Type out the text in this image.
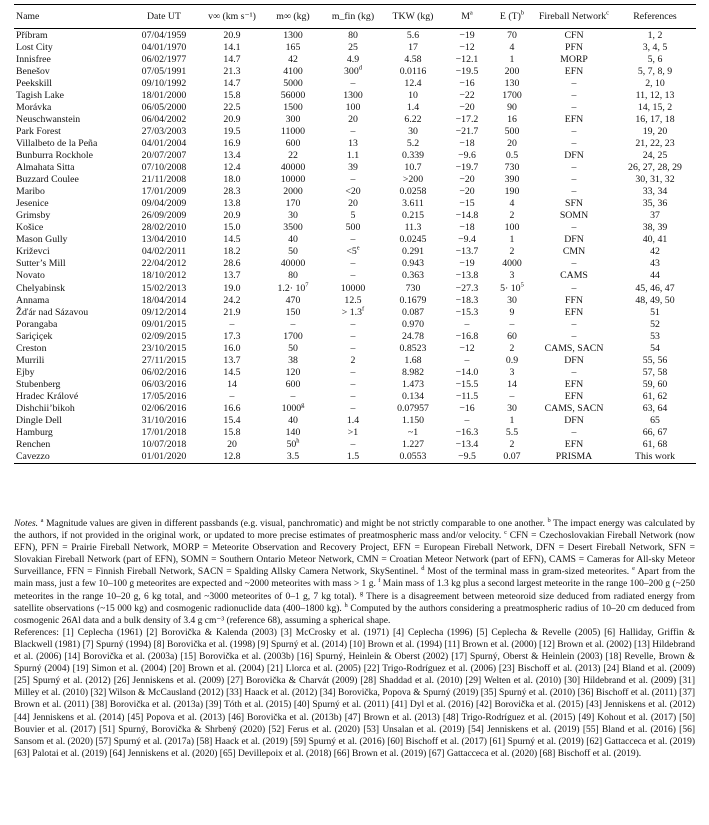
Name	Date UT	v∞ (km s⁻¹)	m∞ (kg)	m_fin (kg)	TKW (kg)	$M^a$	E $(T)^b$	Fireball Network$^c$	References
Příbram	07/04/1959	20.9	1300	80	5.6	−19	70	CFN	1, 2
Lost City	04/01/1970	14.1	165	25	17	−12	4	PFN	3, 4, 5
Innisfree	06/02/1977	14.7	42	4.9	4.58	−12.1	1	MORP	5, 6
Benešov	07/05/1991	21.3	4100	300$^d$	0.0116	−19.5	200	EFN	5, 7, 8, 9
Peekskill	09/10/1992	14.7	5000	–	12.4	−16	130	–	2, 10
Tagish Lake	18/01/2000	15.8	56000	1300	10	−22	1700	–	11, 12, 13
Morávka	06/05/2000	22.5	1500	100	1.4	−20	90	–	14, 15, 2
Neuschwanstein	06/04/2002	20.9	300	20	6.22	−17.2	16	EFN	16, 17, 18
Park Forest	27/03/2003	19.5	11000	–	30	−21.7	500	–	19, 20
Villalbeto de la Peña	04/01/2004	16.9	600	13	5.2	−18	20	–	21, 22, 23
Bunburra Rockhole	20/07/2007	13.4	22	1.1	0.339	−9.6	0.5	DFN	24, 25
Almahata Sitta	07/10/2008	12.4	40000	39	10.7	−19.7	730	–	26, 27, 28, 29
Buzzard Coulee	21/11/2008	18.0	10000	–	>200	−20	390	–	30, 31, 32
Maribo	17/01/2009	28.3	2000	<20	0.0258	−20	190	–	33, 34
Jesenice	09/04/2009	13.8	170	20	3.611	−15	4	SFN	35, 36
Grimsby	26/09/2009	20.9	30	5	0.215	−14.8	2	SOMN	37
Košice	28/02/2010	15.0	3500	500	11.3	−18	100	–	38, 39
Mason Gully	13/04/2010	14.5	40	–	0.0245	−9.4	1	DFN	40, 41
Križevci	04/02/2011	18.2	50	$<5^e$	0.291	−13.7	2	CMN	42
Sutter’s Mill	22/04/2012	28.6	40000	–	0.943	−19	4000	–	43
Novato	18/10/2012	13.7	80	–	0.363	−13.8	3	CAMS	44
Chelyabinsk	15/02/2013	19.0	$1.2\cdot 10^7$	10000	730	−27.3	$5\cdot 10^5$	–	45, 46, 47
Annama	18/04/2014	24.2	470	12.5	0.1679	−18.3	30	FFN	48, 49, 50
Žďár nad Sázavou	09/12/2014	21.9	150	> 1.3$^f$	0.087	−15.3	9	EFN	51
Porangaba	09/01/2015	–	–	–	0.970	–	–	–	52
Sariçiçek	02/09/2015	17.3	1700	–	24.78	−16.8	60	–	53
Creston	23/10/2015	16.0	50	–	0.8523	−12	2	CAMS, SACN	54
Murrili	27/11/2015	13.7	38	2	1.68	–	0.9	DFN	55, 56
Ejby	06/02/2016	14.5	120	–	8.982	−14.0	3	–	57, 58
Stubenberg	06/03/2016	14	600	–	1.473	−15.5	14	EFN	59, 60
Hradec Králové	17/05/2016	–	–	–	0.134	−11.5	–	EFN	61, 62
Dishchii’bikoh	02/06/2016	16.6	1000$^g$	–	0.07957	−16	30	CAMS, SACN	63, 64
Dingle Dell	31/10/2016	15.4	40	1.4	1.150	–	1	DFN	65
Hamburg	17/01/2018	15.8	140	>1	~1	−16.3	5.5	–	66, 67
Renchen	10/07/2018	20	50$^h$	–	1.227	−13.4	2	EFN	61, 68
Cavezzo	01/01/2020	12.8	3.5	1.5	0.0553	−9.5	0.07	PRISMA	This work

Notes. $^a$ Magnitude values are given in different passbands (e.g. visual, panchromatic) and might be not strictly comparable to one another. $^b$ The impact energy was calculated by the authors, if not provided in the original work, or updated to more precise estimates of preatmospheric mass and/or velocity. $^c$ CFN = Czechoslovakian Fireball Network (now EFN), PFN = Prairie Fireball Network, MORP = Meteorite Observation and Recovery Project, EFN = European Fireball Network, DFN = Desert Fireball Network, SFN = Slovakian Fireball Network (part of EFN), SOMN = Southern Ontario Meteor Network, CMN = Croatian Meteor Network (part of EFN), CAMS = Cameras for All-sky Meteor Surveillance, FFN = Finnish Fireball Network, SACN = Spalding Allsky Camera Network, SkySentinel. $^d$ Most of the terminal mass in gram-sized meteorites. $^e$ Apart from the main mass, just a few 10–100 g meteorites are expected and ~2000 meteorites with mass > 1 g. $^f$ Main mass of 1.3 kg plus a second largest meteorite in the range 100–200 g (~250 meteorites in the range 10–20 g, 6 kg total, and ~3000 meteorites of 0–1 g, 7 kg total). $^g$ There is a disagreement between meteoroid size deduced from radiated energy from satellite observations (~15 000 kg) and cosmogenic radionuclide data (400–1800 kg). $^h$ Computed by the authors considering a preatmospheric radius of 10–20 cm deduced from cosmogenic 26Al data and a bulk density of 3.4 g cm⁻³ (reference 68), assuming a spherical shape.

References: [1] Ceplecha (1961) [2] Borovička & Kalenda (2003) [3] McCrosky et al. (1971) [4] Ceplecha (1996) [5] Ceplecha & Revelle (2005) [6] Halliday, Griffin & Blackwell (1981) [7] Spurný (1994) [8] Borovička et al. (1998) [9] Spurný et al. (2014) [10] Brown et al. (1994) [11] Brown et al. (2000) [12] Brown et al. (2002) [13] Hildebrand et al. (2006) [14] Borovička et al. (2003a) [15] Borovička et al. (2003b) [16] Spurný, Heinlein & Oberst (2002) [17] Spurný, Oberst & Heinlein (2003) [18] Revelle, Brown & Spurný (2004) [19] Simon et al. (2004) [20] Brown et al. (2004) [21] Llorca et al. (2005) [22] Trigo-Rodríguez et al. (2006) [23] Bischoff et al. (2013) [24] Bland et al. (2009) [25] Spurný et al. (2012) [26] Jenniskens et al. (2009) [27] Borovička & Charvát (2009) [28] Shaddad et al. (2010) [29] Welten et al. (2010) [30] Hildebrand et al. (2009) [31] Milley et al. (2010) [32] Wilson & McCausland (2012) [33] Haack et al. (2012) [34] Borovička, Popova & Spurný (2019) [35] Spurný et al. (2010) [36] Bischoff et al. (2011) [37] Brown et al. (2011) [38] Borovička et al. (2013a) [39] Tóth et al. (2015) [40] Spurný et al. (2011) [41] Dyl et al. (2016) [42] Borovička et al. (2015) [43] Jenniskens et al. (2012) [44] Jenniskens et al. (2014) [45] Popova et al. (2013) [46] Borovička et al. (2013b) [47] Brown et al. (2013) [48] Trigo-Rodríguez et al. (2015) [49] Kohout et al. (2017) [50] Bouvier et al. (2017) [51] Spurný, Borovička & Shrbený (2020) [52] Ferus et al. (2020) [53] Unsalan et al. (2019) [54] Jenniskens et al. (2019) [55] Bland et al. (2016) [56] Sansom et al. (2020) [57] Spurný et al. (2017a) [58] Haack et al. (2019) [59] Spurný et al. (2016) [60] Bischoff et al. (2017) [61] Spurný et al. (2019) [62] Gattacceca et al. (2019) [63] Palotai et al. (2019) [64] Jenniskens et al. (2020) [65] Devillepoix et al. (2018) [66] Brown et al. (2019) [67] Gattacceca et al. (2020) [68] Bischoff et al. (2019).
